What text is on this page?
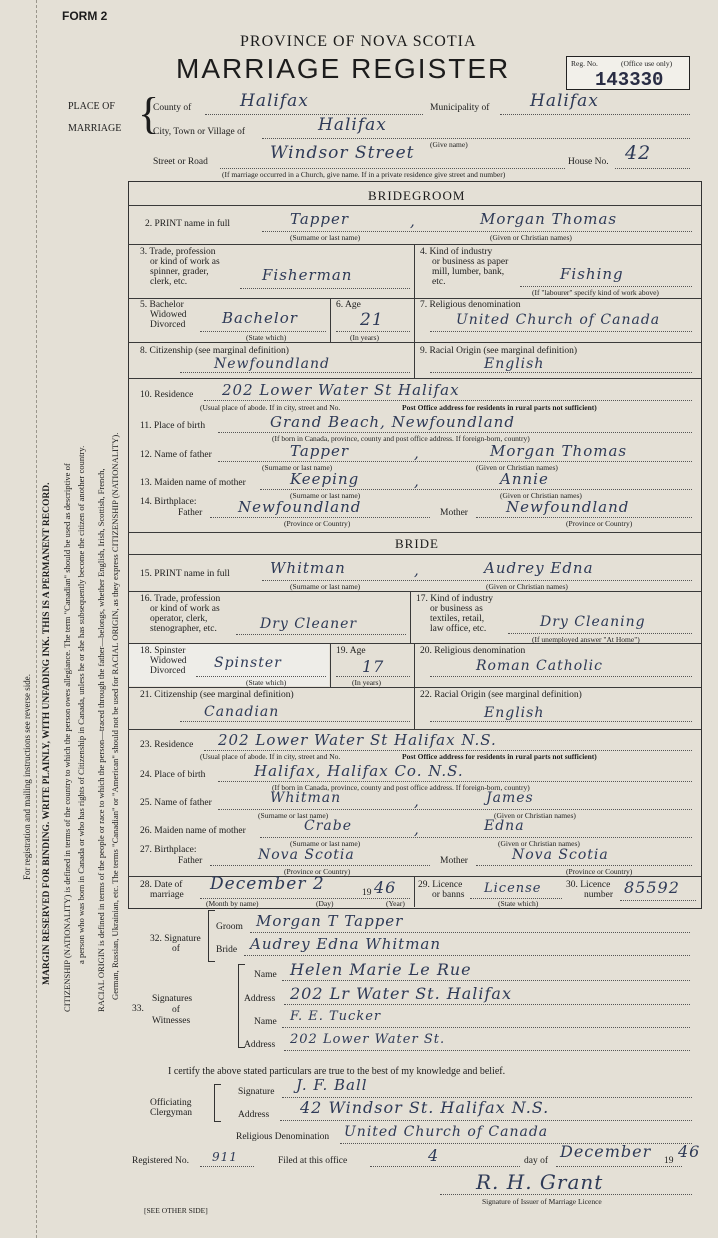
For registration and mailing instructions see reverse side. MARGIN RESERVED FOR BINDING. WRITE PLAINLY, WITH UNFADING INK. THIS IS A PERMANENT RECORD. CITIZENSHIP (NATIONALITY) is defined in terms of the country to which the person owes allegiance. The term "Canadian" should be used as descriptive of a person who was born in Canada or who has rights of Citizenship in Canada, unless he or she has subsequently become the citizen of another country. RACIAL ORIGIN is defined in terms of the people or race to which the person—traced through the father—belongs, whether English, Irish, Scottish, French, German, Russian, Ukrainian, etc. The terms "Canadian" or "American" should not be used for RACIAL ORIGIN, as they express CITIZENSHIP (NATIONALITY).
FORM 2
PROVINCE OF NOVA SCOTIA
MARRIAGE REGISTER	Reg. No.	(Office use only)
143330
PLACE OF
MARRIAGE {
County of	Halifax	Municipality of Halifax
City, Town or Village of	Halifax
(Give name)
Street or Road	Windsor Street	House No. 42
(If marriage occurred in a Church, give name. If in a private residence give street and number)
BRIDEGROOM
2. PRINT name in full	Tapper	,	Morgan Thomas
(Surname or last name)	(Given or Christian names)
3. Trade, profession
or kind of work as
spinner, grader,
clerk, etc.	Fisherman
4. Kind of industry
or business as paper
mill, lumber, bank,
etc.	Fishing
(If "labourer" specify kind of work above)
5. Bachelor
Widowed
Divorced Bachelor
(State which)
6. Age
21
(In years)
7. Religious denomination
United Church of Canada
8. Citizenship (see marginal definition)
Newfoundland
9. Racial Origin (see marginal definition)
English
10. Residence 202 Lower Water St Halifax
(Usual place of abode. If in city, street and No.	Post Office address for residents in rural parts not sufficient)
11. Place of birth	Grand Beach, Newfoundland
(If born in Canada, province, county and post office address. If foreign-born, country)
12. Name of father	Tapper	,	Morgan Thomas
(Surname or last name)	(Given or Christian names)
13. Maiden name of mother	Keeping	,	Annie
(Surname or last name)	(Given or Christian names)
14. Birthplace:
Father Newfoundland	Mother	Newfoundland
(Province or Country)	(Province or Country)
BRIDE
15. PRINT name in full	Whitman	,	Audrey Edna
(Surname or last name)	(Given or Christian names)
16. Trade, profession
or kind of work as
operator, clerk,
stenographer, etc.	Dry Cleaner
17. Kind of industry
or business as
textiles, retail,
law office, etc.	Dry Cleaning
(If unemployed answer "At Home")
18. Spinster
Widowed
Divorced Spinster
(State which)
19. Age
17
(In years)
20. Religious denomination
Roman Catholic
21. Citizenship (see marginal definition)
Canadian
22. Racial Origin (see marginal definition)
English
23. Residence 202 Lower Water St Halifax N.S.
(Usual place of abode. If in city, street and No.	Post Office address for residents in rural parts not sufficient)
24. Place of birth	Halifax, Halifax Co. N.S.
(If born in Canada, province, county and post office address. If foreign-born, country)
25. Name of father	Whitman	,	James
(Surname or last name)	(Given or Christian names)
26. Maiden name of mother	Crabe	,	Edna
(Surname or last name)	(Given or Christian names)
27. Birthplace:
Father	Nova Scotia	Mother	Nova Scotia
(Province or Country)	(Province or Country)
28. Date of
marriage
December 2	19 46
(Month by name)	(Day)	(Year)
29. Licence
or banns License
(State which)
30. Licence
number 85592
32. Signature
of
Groom Morgan T Tapper
Bride Audrey Edna Whitman
Signatures
33.	of
Witnesses
Name Helen Marie Le Rue
Address 202 Lr Water St. Halifax
Name F. E. Tucker
Address 202 Lower Water St.
I certify the above stated particulars are true to the best of my knowledge and belief.
Signature J. F. Ball
Officiating
Clergyman	Address 42 Windsor St. Halifax N.S.
Religious Denomination United Church of Canada
Registered No. 911	Filed at this office	4	day of December 19 46
R. H. Grant
Signature of Issuer of Marriage Licence
[SEE OTHER SIDE]
